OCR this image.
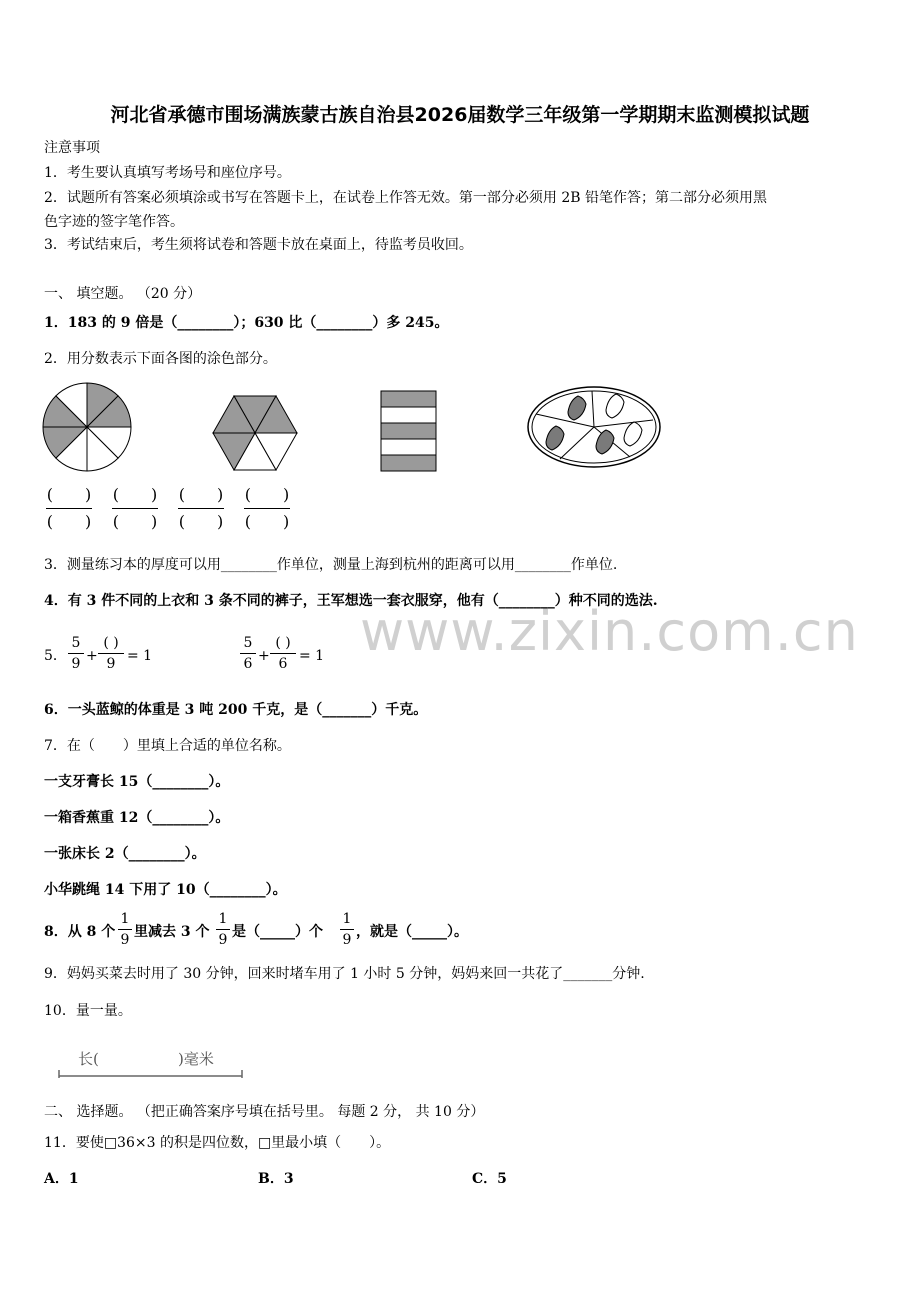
河北省承德市围场满族蒙古族自治县2026届数学三年级第一学期期末监测模拟试题
注意事项
1．考生要认真填写考场号和座位序号。
2．试题所有答案必须填涂或书写在答题卡上，在试卷上作答无效。第一部分必须用 2B 铅笔作答；第二部分必须用黑
色字迹的签字笔作答。
3．考试结束后，考生须将试卷和答题卡放在桌面上，待监考员收回。
一、 填空题。 （20 分）
1．183 的 9 倍是（________）；630 比（________）多 245。
2．用分数表示下面各图的涂色部分。
(　　)
(　　)
(　　)
(　　)
(　　)
(　　)
(　　)
(　　)
3．测量练习本的厚度可以用________作单位，测量上海到杭州的距离可以用________作单位.
4．有 3 件不同的上衣和 3 条不同的裤子，王军想选一套衣服穿，他有（________）种不同的选法.
5．
5
9 +
( )
9 = 1
5
6 +
( )
6 = 1 www.zixin.com.cn
6．一头蓝鲸的体重是 3 吨 200 千克，是（_______）千克。
7．在（　　）里填上合适的单位名称。
一支牙膏长 15（________）。
一箱香蕉重 12（________）。
一张床长 2（________）。
小华跳绳 14 下用了 10（________）。
8．从 8 个
1
9 里减去 3 个
1
9 是（_____）个
1
9 ，就是（_____）。
9．妈妈买菜去时用了 30 分钟，回来时堵车用了 1 小时 5 分钟，妈妈来回一共花了_______分钟.
10．量一量。
长(	)毫米
二、 选择题。 （把正确答案序号填在括号里。 每题 2 分， 共 10 分）
11．要使□36×3 的积是四位数，□里最小填（　　）。
A．1	B．3	C．5
